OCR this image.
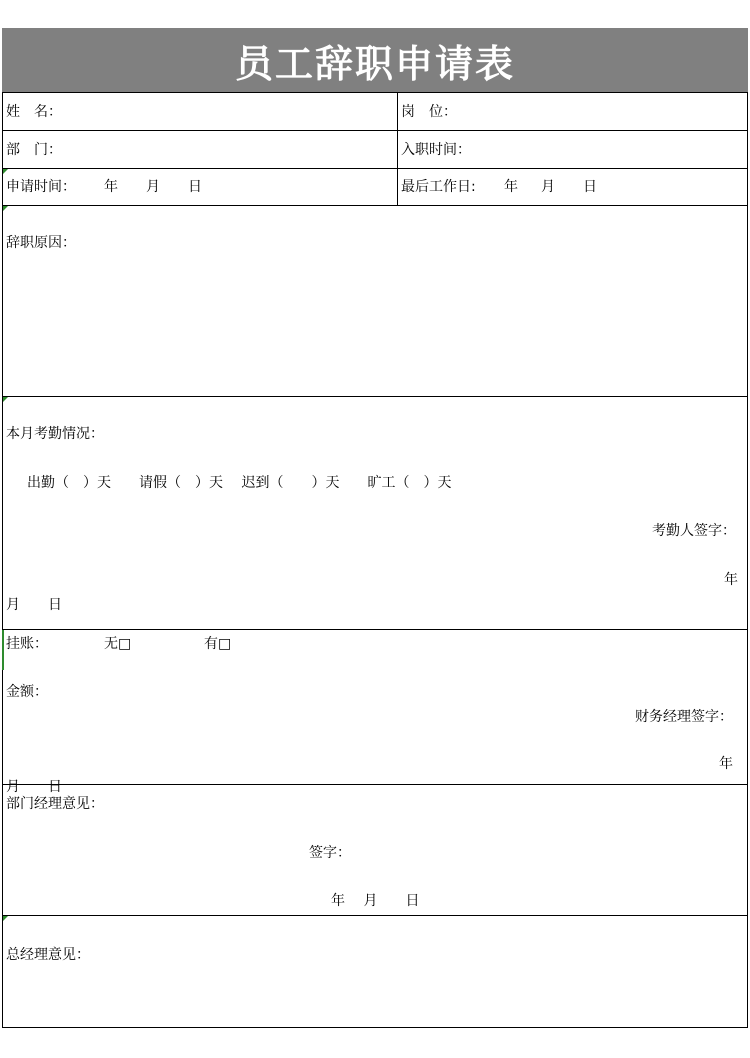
员工辞职申请表
姓　名：	岗　位：
部　门：	入职时间：
申请时间： 年 月 日	最后工作日: 年 月 日
辞职原因：
本月考勤情况：
出勤（　）天　　请假（　）天　 迟到（　　）天　　旷工（　）天
考勤人签字：
年
月　　日
挂账：	无□	有□
金额：
财务经理签字：
年
月　　日
部门经理意见：
签字：
年　 月　　日
总经理意见：
